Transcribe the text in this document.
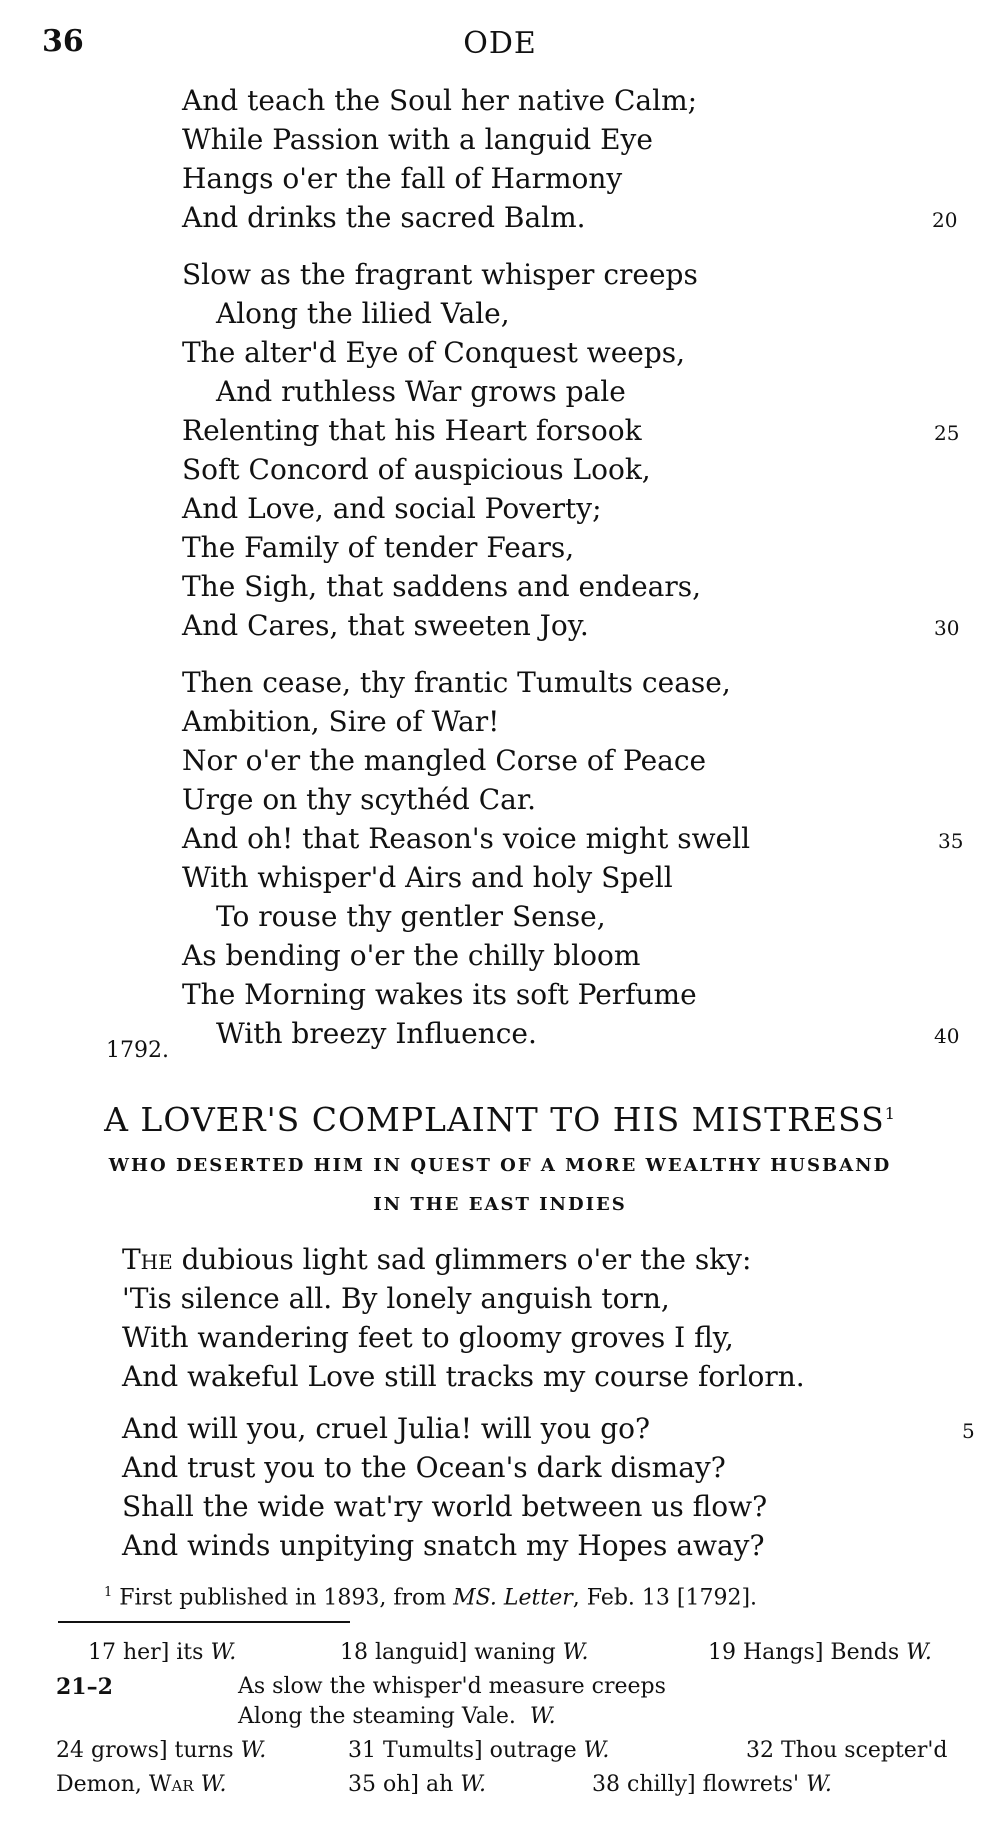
36	ODE
And teach the Soul her native Calm;
While Passion with a languid Eye
Hangs o'er the fall of Harmony
And drinks the sacred Balm.	20
Slow as the fragrant whisper creeps
Along the lilied Vale,
The alter'd Eye of Conquest weeps,
And ruthless War grows pale
Relenting that his Heart forsook	25
Soft Concord of auspicious Look,
And Love, and social Poverty;
The Family of tender Fears,
The Sigh, that saddens and endears,
And Cares, that sweeten Joy.	30
Then cease, thy frantic Tumults cease,
Ambition, Sire of War!
Nor o'er the mangled Corse of Peace
Urge on thy scythéd Car.
And oh! that Reason's voice might swell	35
With whisper'd Airs and holy Spell
To rouse thy gentler Sense,
As bending o'er the chilly bloom
The Morning wakes its soft Perfume
With breezy Influence.	40
1792.
A LOVER'S COMPLAINT TO HIS MISTRESS$^1$
WHO DESERTED HIM IN QUEST OF A MORE WEALTHY HUSBAND
IN THE EAST INDIES
The dubious light sad glimmers o'er the sky:
'Tis silence all. By lonely anguish torn,
With wandering feet to gloomy groves I fly,
And wakeful Love still tracks my course forlorn.
And will you, cruel Julia! will you go?	5
And trust you to the Ocean's dark dismay?
Shall the wide wat'ry world between us flow?
And winds unpitying snatch my Hopes away?
$^1$ First published in 1893, from MS. Letter, Feb. 13 [1792].
17 her] its W.	18 languid] waning W.	19 Hangs] Bends W.
21–2	As slow the whisper'd measure creeps
Along the steaming Vale. W.
24 grows] turns W.	31 Tumults] outrage W.	32 Thou scepter'd
Demon, War W.	35 oh] ah W.	38 chilly] flowrets' W.
